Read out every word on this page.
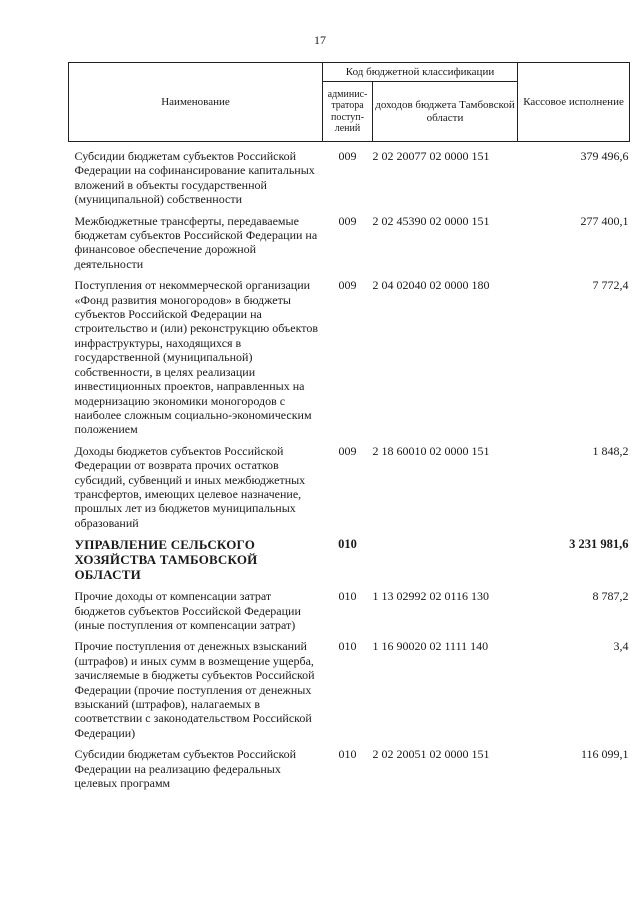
17
Наименование	Код бюджетной классификации		Кассовое исполнение
	админис-тратора поступ-лений	доходов бюджета Тамбовской области	
Субсидии бюджетам субъектов Российской Федерации на софинансирование капитальных вложений в объекты государственной (муниципальной) собственности	009	2 02 20077 02 0000 151	379 496,6
Межбюджетные трансферты, передаваемые бюджетам субъектов Российской Федерации на финансовое обеспечение дорожной деятельности	009	2 02 45390 02 0000 151	277 400,1
Поступления от некоммерческой организации «Фонд развития моногородов» в бюджеты субъектов Российской Федерации на строительство и (или) реконструкцию объектов инфраструктуры, находящихся в государственной (муниципальной) собственности, в целях реализации инвестиционных проектов, направленных на модернизацию экономики моногородов с наиболее сложным социально-экономическим положением	009	2 04 02040 02 0000 180	7 772,4
Доходы бюджетов субъектов Российской Федерации от возврата прочих остатков субсидий, субвенций и иных межбюджетных трансфертов, имеющих целевое назначение, прошлых лет из бюджетов муниципальных образований	009	2 18 60010 02 0000 151	1 848,2
УПРАВЛЕНИЕ СЕЛЬСКОГО ХОЗЯЙСТВА ТАМБОВСКОЙ ОБЛАСТИ	010		3 231 981,6
Прочие доходы от компенсации затрат бюджетов субъектов Российской Федерации (иные поступления от компенсации затрат)	010	1 13 02992 02 0116 130	8 787,2
Прочие поступления от денежных взысканий (штрафов) и иных сумм в возмещение ущерба, зачисляемые в бюджеты субъектов Российской Федерации (прочие поступления от денежных взысканий (штрафов), налагаемых в соответствии с законодательством Российской Федерации)	010	1 16 90020 02 1111 140	3,4
Субсидии бюджетам субъектов Российской Федерации на реализацию федеральных целевых программ	010	2 02 20051 02 0000 151	116 099,1
